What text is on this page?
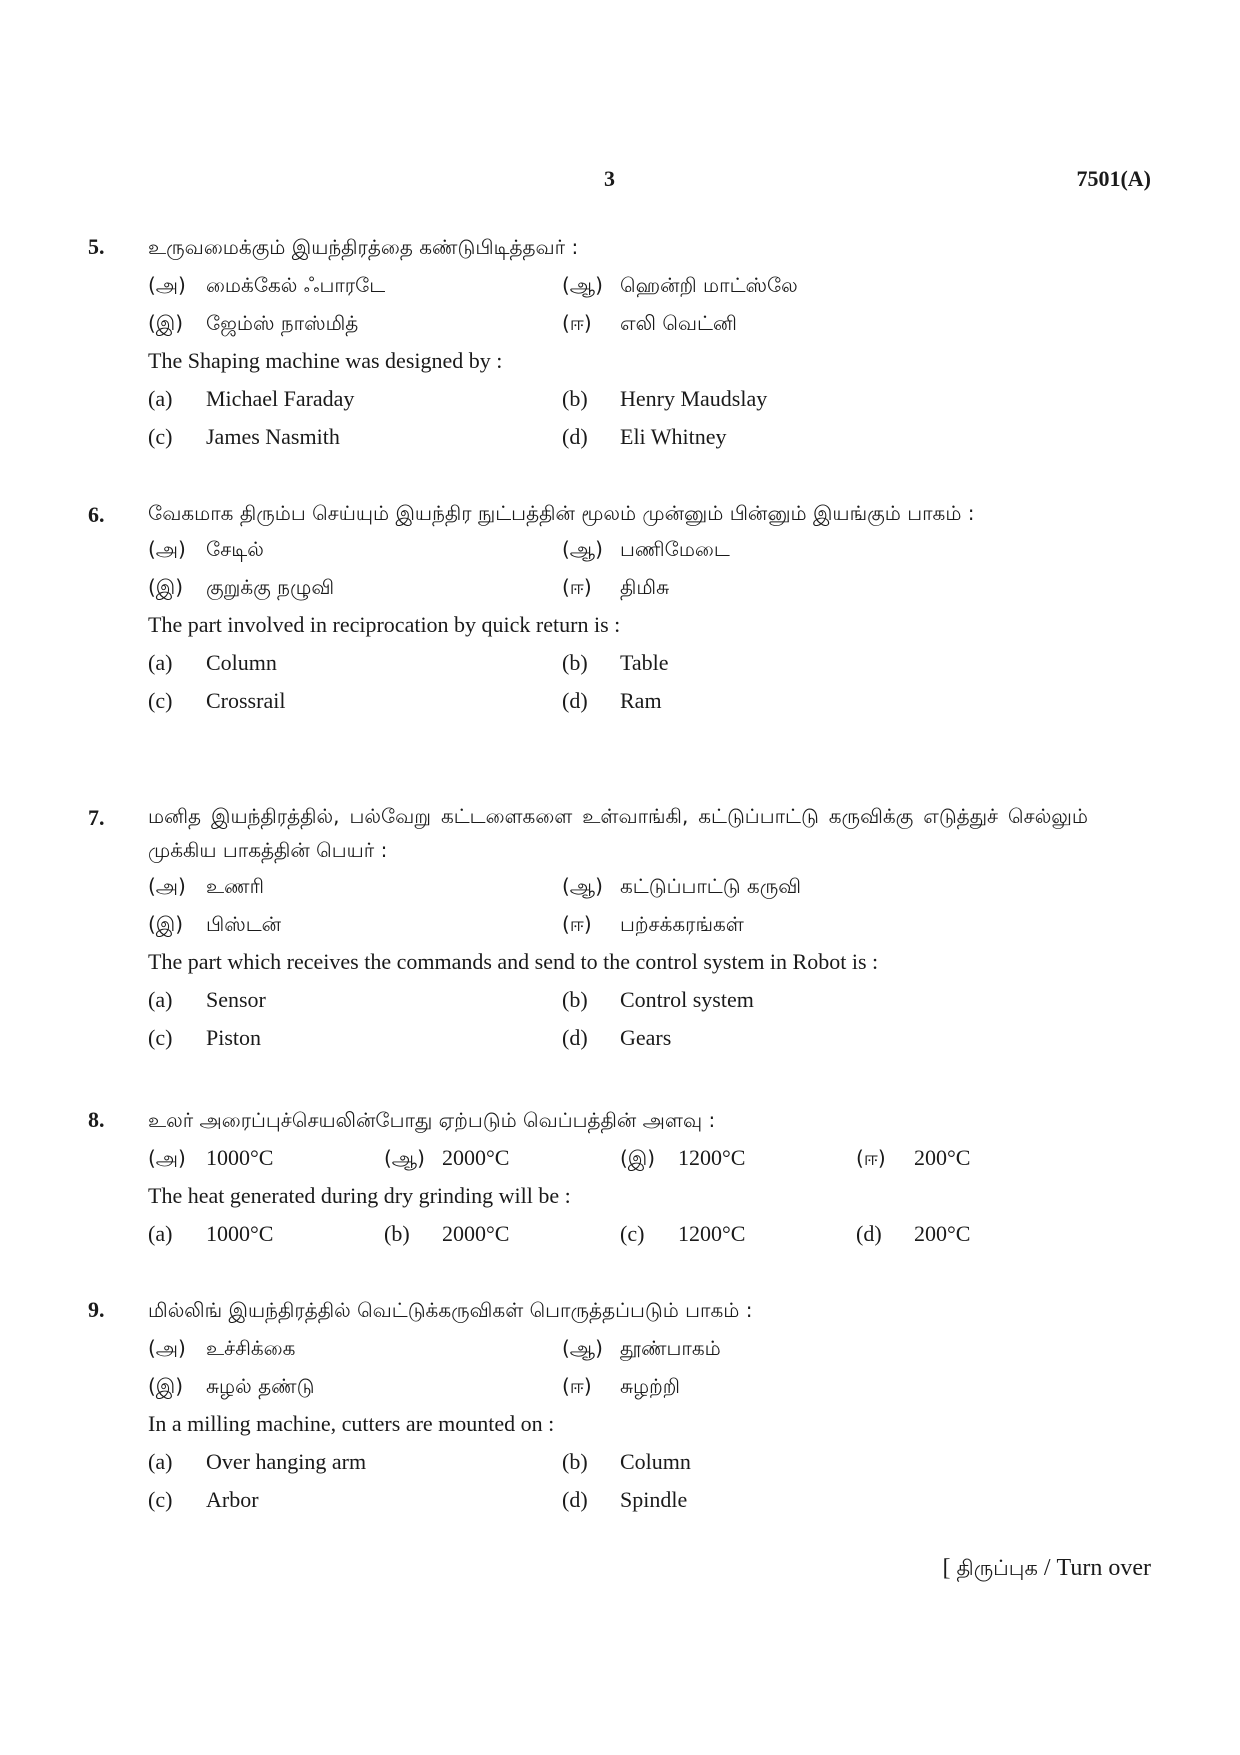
3	7501(A)
5. உருவமைக்கும் இயந்திரத்தை கண்டுபிடித்தவர் :
(அ)	மைக்கேல் ஃபாரடே	(ஆ) ஹென்றி மாட்ஸ்லே
(இ)	ஜேம்ஸ் நாஸ்மித்	(ஈ)	எலி வெட்னி
The Shaping machine was designed by :
(a)	Michael Faraday	(b)	Henry Maudslay
(c)	James Nasmith	(d)	Eli Whitney
6. வேகமாக திரும்ப செய்யும் இயந்திர நுட்பத்தின் மூலம் முன்னும் பின்னும் இயங்கும் பாகம் :
(அ)	சேடில்	(ஆ) பணிமேடை
(இ)	குறுக்கு நழுவி	(ஈ)	திமிசு
The part involved in reciprocation by quick return is :
(a)	Column	(b)	Table
(c)	Crossrail	(d)	Ram
7. மனித இயந்திரத்தில், பல்வேறு கட்டளைகளை உள்வாங்கி, கட்டுப்பாட்டு கருவிக்கு எடுத்துச் செல்லும் முக்கிய பாகத்தின் பெயர் :
(அ)	உணரி	(ஆ) கட்டுப்பாட்டு கருவி
(இ)	பிஸ்டன்	(ஈ)	பற்சக்கரங்கள்
The part which receives the commands and send to the control system in Robot is :
(a)	Sensor	(b)	Control system
(c)	Piston	(d)	Gears
8. உலர் அரைப்புச்செயலின்போது ஏற்படும் வெப்பத்தின் அளவு :
(அ) 1000°C	(ஆ) 2000°C	(இ)	1200°C	(ஈ)	200°C
The heat generated during dry grinding will be :
(a)	1000°C	(b)	2000°C	(c)	1200°C	(d)	200°C
9. மில்லிங் இயந்திரத்தில் வெட்டுக்கருவிகள் பொருத்தப்படும் பாகம் :
(அ)	உச்சிக்கை	(ஆ) தூண்பாகம்
(இ)	சுழல் தண்டு	(ஈ)	சுழற்றி
In a milling machine, cutters are mounted on :
(a)	Over hanging arm	(b)	Column
(c)	Arbor	(d)	Spindle
[ திருப்புக / Turn over
